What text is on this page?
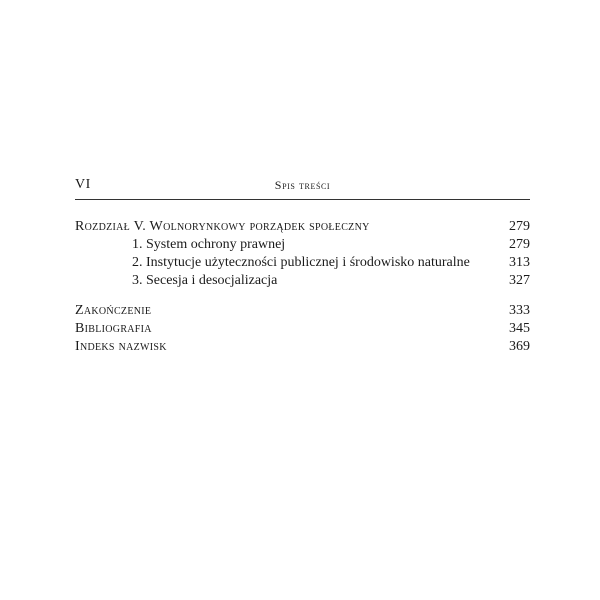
VI	Spis treści
Rozdział V. Wolnorynkowy porządek społeczny	279
1. System ochrony prawnej	279
2. Instytucje użyteczności publicznej i środowisko naturalne	313
3. Secesja i desocjalizacja	327
Zakończenie	333
Bibliografia	345
Indeks nazwisk	369
